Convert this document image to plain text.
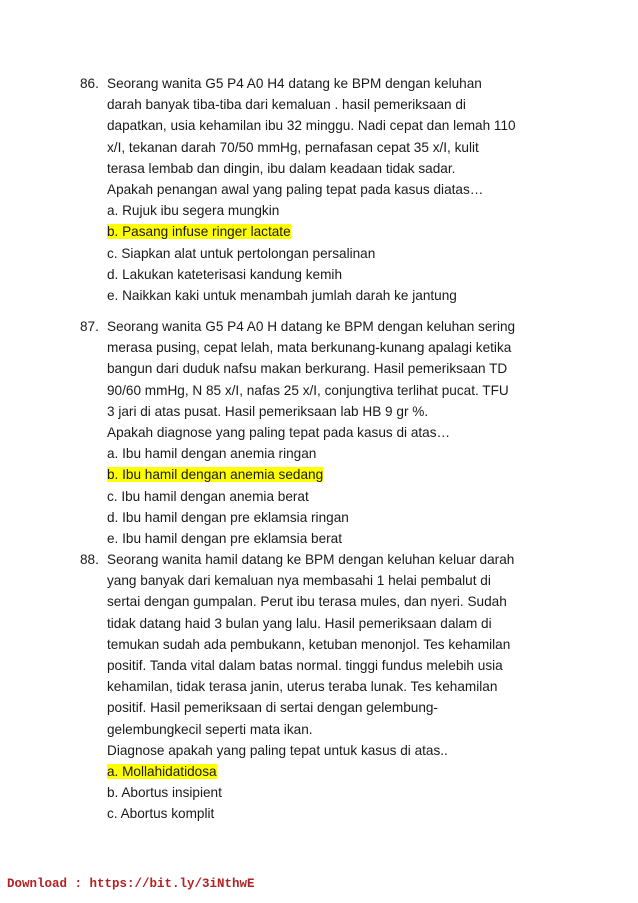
86. Seorang wanita G5 P4 A0 H4 datang ke BPM dengan keluhan
darah banyak tiba-tiba dari kemaluan . hasil pemeriksaan di
dapatkan, usia kehamilan ibu 32 minggu. Nadi cepat dan lemah 110
x/I, tekanan darah 70/50 mmHg, pernafasan cepat 35 x/I, kulit
terasa lembab dan dingin, ibu dalam keadaan tidak sadar.
Apakah penangan awal yang paling tepat pada kasus diatas…
a. Rujuk ibu segera mungkin
b. Pasang infuse ringer lactate
c. Siapkan alat untuk pertolongan persalinan
d. Lakukan kateterisasi kandung kemih
e. Naikkan kaki untuk menambah jumlah darah ke jantung
87. Seorang wanita G5 P4 A0 H datang ke BPM dengan keluhan sering
merasa pusing, cepat lelah, mata berkunang-kunang apalagi ketika
bangun dari duduk nafsu makan berkurang. Hasil pemeriksaan TD
90/60 mmHg, N 85 x/I, nafas 25 x/I, conjungtiva terlihat pucat. TFU
3 jari di atas pusat. Hasil pemeriksaan lab HB 9 gr %.
Apakah diagnose yang paling tepat pada kasus di atas…
a. Ibu hamil dengan anemia ringan
b. Ibu hamil dengan anemia sedang
c. Ibu hamil dengan anemia berat
d. Ibu hamil dengan pre eklamsia ringan
e. Ibu hamil dengan pre eklamsia berat
88. Seorang wanita hamil datang ke BPM dengan keluhan keluar darah
yang banyak dari kemaluan nya membasahi 1 helai pembalut di
sertai dengan gumpalan. Perut ibu terasa mules, dan nyeri. Sudah
tidak datang haid 3 bulan yang lalu. Hasil pemeriksaan dalam di
temukan sudah ada pembukann, ketuban menonjol. Tes kehamilan
positif. Tanda vital dalam batas normal. tinggi fundus melebih usia
kehamilan, tidak terasa janin, uterus teraba lunak. Tes kehamilan
positif. Hasil pemeriksaan di sertai dengan gelembung-
gelembungkecil seperti mata ikan.
Diagnose apakah yang paling tepat untuk kasus di atas..
a. Mollahidatidosa
b. Abortus insipient
c. Abortus komplit
Download : https://bit.ly/3iNthwE
